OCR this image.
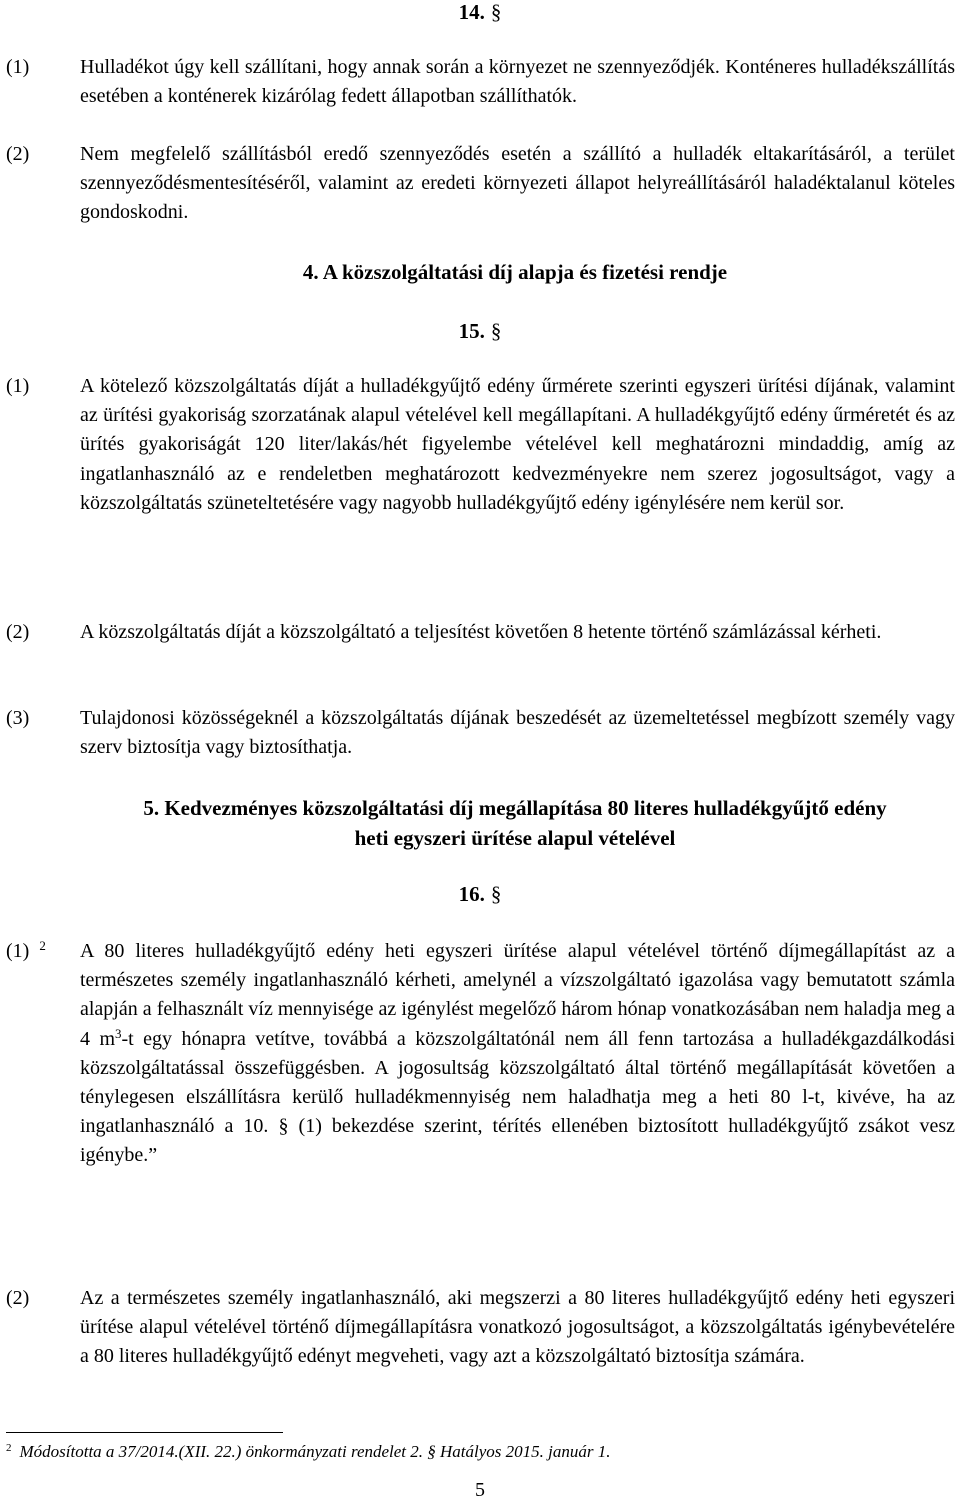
14. §
(1)	Hulladékot úgy kell szállítani, hogy annak során a környezet ne szennyeződjék. Konténeres hulladékszállítás esetében a konténerek kizárólag fedett állapotban szállíthatók.
(2)	Nem megfelelő szállításból eredő szennyeződés esetén a szállító a hulladék eltakarításáról, a terület szennyeződésmentesítéséről, valamint az eredeti környezeti állapot helyreállításáról haladéktalanul köteles gondoskodni.
4. A közszolgáltatási díj alapja és fizetési rendje
15. §
(1)	A kötelező közszolgáltatás díját a hulladékgyűjtő edény űrmérete szerinti egyszeri ürítési díjának, valamint az ürítési gyakoriság szorzatának alapul vételével kell megállapítani. A hulladékgyűjtő edény űrméretét és az ürítés gyakoriságát 120 liter/lakás/hét figyelembe vételével kell meghatározni mindaddig, amíg az ingatlanhasználó az e rendeletben meghatározott kedvezményekre nem szerez jogosultságot, vagy a közszolgáltatás szüneteltetésére vagy nagyobb hulladékgyűjtő edény igénylésére nem kerül sor.
(2)	A közszolgáltatás díját a közszolgáltató a teljesítést követően 8 hetente történő számlázással kérheti.
(3)	Tulajdonosi közösségeknél a közszolgáltatás díjának beszedését az üzemeltetéssel megbízott személy vagy szerv biztosítja vagy biztosíthatja.
5. Kedvezményes közszolgáltatási díj megállapítása 80 literes hulladékgyűjtő edény
heti egyszeri ürítése alapul vételével
16. §
(1) $^2$ A 80 literes hulladékgyűjtő edény heti egyszeri ürítése alapul vételével történő díjmegállapítást az a természetes személy ingatlanhasználó kérheti, amelynél a vízszolgáltató igazolása vagy bemutatott számla alapján a felhasznált víz mennyisége az igénylést megelőző három hónap vonatkozásában nem haladja meg a 4 $m^3-t$ egy hónapra vetítve, továbbá a közszolgáltatónál nem áll fenn tartozása a hulladékgazdálkodási közszolgáltatással összefüggésben. A jogosultság közszolgáltató által történő megállapítását követően a ténylegesen elszállításra kerülő hulladékmennyiség nem haladhatja meg a heti 80 l-t, kivéve, ha az ingatlanhasználó a 10. § (1) bekezdése szerint, térítés ellenében biztosított hulladékgyűjtő zsákot vesz igénybe.”
(2)	Az a természetes személy ingatlanhasználó, aki megszerzi a 80 literes hulladékgyűjtő edény heti egyszeri ürítése alapul vételével történő díjmegállapításra vonatkozó jogosultságot, a közszolgáltatás igénybevételére a 80 literes hulladékgyűjtő edényt megveheti, vagy azt a közszolgáltató biztosítja számára.
$^2$ Módosította a 37/2014.(XII. 22.) önkormányzati rendelet 2. § Hatályos 2015. január 1.
5
